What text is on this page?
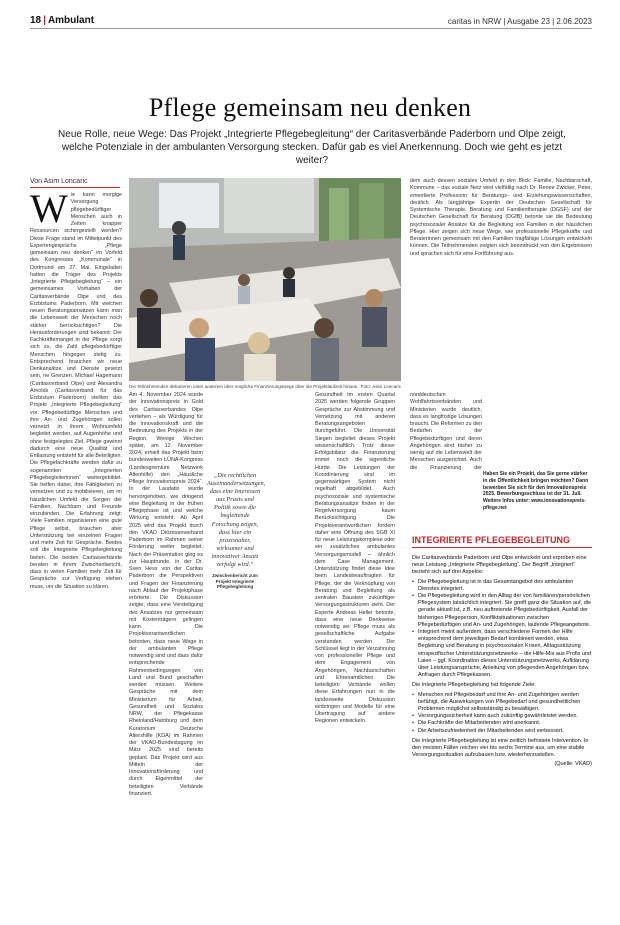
18 | Ambulant	caritas in NRW | Ausgabe 23 | 2.06.2023
Pflege gemeinsam neu denken
Neue Rolle, neue Wege: Das Projekt „Integrierte Pflegebegleitung“ der Caritasverbände Paderborn und Olpe zeigt, welche Potenziale in der ambulanten Versorgung stecken. Dafür gab es viel Anerkennung. Doch wie geht es jetzt weiter?
Von Asim Loncaric
W ie kann morgige Versorgung pflegebedürftiger Menschen auch in Zeiten knapper Ressourcen sichergestellt werden? Diese Frage stand im Mittelpunkt des Expertengesprächs „Pflege gemeinsam neu denken“ im Vorfeld des Kongresses „Kommunale“ in Dortmund am 27. Mai. Eingeladen hatten die Träger des Projekts „Integrierte Pflegebegleitung“ – ein gemeinsames Vorhaben der Caritasverbände Olpe und des Erzbistums Paderborn. Mit welchen neuen Beratungsansätzen kann man die Lebenswelt der Menschen noch stärker berücksichtigen? Die Herausforderungen sind bekannt: Der Fachkräftemangel in der Pflege sorgt sich zu, die Zahl pflegebedürftiger Menschen hingegen stetig zu. Entsprechend brauchen wir neue Denkansätze und Dienste gesetzt sein, ne Grenzen. Michael Hagemann (Caritasverband Olpe) und Alexandra Arnolds (Caritasverband für das Erzbistum Paderborn) stellten das Projekt „Integrierte Pflegebegleitung“ vor. Pflegebedürftige Menschen und ihre An- und Zugehörigen sollen vernetzt in ihrem Wohnumfeld begleitet werden, auf Augenhöhe und ohne festgelegtes Ziel. Pflege gewinnt dadurch eine neue Qualität und Entlastung entsteht für alle Beteiligten. Die Pflegefachkräfte werden dafür zu sogenannten „Integrierten Pflegebegleiterinnen“ weitergebildet. Sie helfen dabei, ihre Fähigkeiten zu vernetzen und zu mobilisieren, um im häuslichen Umfeld die Sorgen der Familien, Nachbarn und Freunde einzubinden. Die Erfahrung zeigt: Viele Familien organisieren eine gute Pflege selbst, brauchen aber Unterstützung bei einzelnen Fragen und mehr Zeit für Gespräche. Beides soll die Integrierte Pflegebegleitung bieten. Die beiden Caritasverbände beraten in ihrem Zwischenbericht, dass in vielen Familien mehr Zeit für Gespräche zur Verfügung stehen muss, um die Situation zu klären.
Die Teilnehmenden diskutieren unter anderem über mögliche Finanzierungswege über die Projektlaufzeit hinaus. Foto: Asim Loncaric
Am 4. November 2024 wurde der Innovationspreis in Gold des Caritasverbandes Olpe verliehen – als Würdigung für die Innovationskraft und die Bedeutung des Projekts in der Region. Wenige Wochen später, am 12. November 2024, erhielt das Projekt beim bundesweiten LÜNA-Kongress (Landesgremium Netzwerk Altenhilfe) den „Häusliche Pflege Innovationspreis 2024“. In der Laudatio wurde hervorgehoben, wie dringend eine Begleitung in der frühen Pflegephase ist und welche Wirkung entsteht. Ab April 2025 wird das Projekt durch den VKAD Diözesanverband Paderborn im Rahmen seiner Förderung weiter begleitet. Nach der Präsentation ging es zur Hauptrunde, in der Dr. Sven Hess von der Caritas Paderborn die Perspektiven und Fragen der Finanzierung nach Ablauf der Projektphase erörterte. Die Diskussion zeigte, dass eine Verstetigung des Ansatzes nur gemeinsam mit Kostenträgern gelingen kann. Die Projektverantwortlichen betonten, dass neue Wege in der ambulanten Pflege notwendig sind und dass dafür entsprechende Rahmenbedingungen von Land und Bund geschaffen werden müssen. Weitere Gespräche mit dem Ministerium für Arbeit, Gesundheit und Soziales NRW, der Pflegekasse Rheinland/Hamburg und dem Kuratorium Deutsche Altershilfe (KDA) im Rahmen der VKAD-Bundestagung im März 2025 sind bereits geplant. Das Projekt wird aus Mitteln der Innovationsförderung und durch Eigenmittel der beteiligten Verbände finanziert.
„Die rechtlichen Auseinandersetzungen, dass eine Interessen aus Praxis und Politik sowie die begleitende Forschung zeigen, dass hier ein praxisnaher, wirksamer und innovativer Ansatz verfolgt wird.“
Zwischenbericht zum Projekt Integrierte Pflegebegleitung
Gesundheit im ersten Quartal 2025 werden folgende Gruppen Gespräche zur Abstimmung und Vernetzung mit anderen Beratungsangeboten durchgeführt. Die Universität Siegen begleitet dieses Projekt wissenschaftlich. Trotz dieser Erfolgsbilanz die Finanzierung immer noch die eigentliche Hürde. Die Leistungen der Koordinierung sind im gegenwärtigen System nicht regelhaft abgebildet. Auch psychosoziale und systemische Beratungsansätze finden in der Regelversorgung kaum Berücksichtigung. Die Projektverantwortlichen fordern daher eine Öffnung des SGB XI für neue Leistungskomplexe oder ein zusätzliches ambulantes Versorgungsmodell – ähnlich dem Case Management. Unterstützung findet diese Idee beim Landesbeauftragten für Pflege, der die Verknüpfung von Beratung und Begleitung als zentralen Baustein zukünftiger Versorgungsstrukturen sieht. Der Experte Andreas Heller betonte, dass eine neue Denkweise notwendig sei: Pflege muss als gesellschaftliche Aufgabe verstanden werden. Der Schlüssel liegt in der Verzahnung von professioneller Pflege und dem Engagement von Angehörigen, Nachbarschaften und Ehrenamtlichen. Die beteiligten Verbände wollen diese Erfahrungen nun in die landesweite Diskussion einbringen und Modelle für eine Übertragung auf andere Regionen entwickeln.
norddeutschen Wohlfahrtsverbänden und Ministerien wurde deutlich, dass es langfristige Lösungen braucht. Die Reformen zu den Bedarfen der Pflegebedürftigen und deren Angehörigen sind bisher zu wenig auf die Lebenswelt der Menschen ausgerichtet. Auch die Finanzierung der
dem auch dessen soziales Umfeld in den Blick: Familie, Nachbarschaft, Kommune – das soziale Netz wird vielfältig nach Dr. Renee Zwicker, Peter, emeritierte Professorin für Beratungs- und Erziehungswissenschaften, deutlich. Als langjährige Expertin der Deutschen Gesellschaft für Systemische Therapie, Beratung und Familientherapie (DGSF) und der Deutschen Gesellschaft für Beratung (DGfB) betonte sie die Bedeutung psychosozialer Ansätze für die Begleitung von Familien in der häuslichen Pflege. Hier zeigen sich neue Wege, wie professionelle Pflegekräfte und Beraterinnen gemeinsam mit den Familien tragfähige Lösungen entwickeln können. Die Teilnehmenden zeigten sich beeindruckt von den Ergebnissen und sprachen sich für eine Fortführung aus.
Haben Sie ein Projekt, das Sie gerne stärker in die Öffentlichkeit bringen möchten? Dann bewerben Sie sich für den Innovationspreis 2025. Bewerbungsschluss ist der 31. Juli. Weitere Infos unter: www.innovationspreis-pflege.net
INTEGRIERTE PFLEGEBEGLEITUNG

Die Caritasverbände Paderborn und Olpe entwickeln und erproben eine neue Leistung „Integrierte Pflegebegleitung“. Der Begriff „Integriert“ bezieht sich auf drei Aspekte:

• Die Pflegebegleitung ist in das Gesamtangebot des ambulanten Dienstes integriert.
• Die Pflegebegleitung wird in den Alltag der von familiären/persönlichen Pflegesystem tatsächlich integriert. Sie greift ganz die Situation auf, die gerade aktuell ist, z.B. neu auftretende Pflegebedürftigkeit, Ausfall der bisherigen Pflegeperson, Konfliktsituationen zwischen Pflegebedürftigen und An- und Zugehörigen, laufende Pflegeangebote.
• Integriert meint außerdem, dass verschiedene Formen der Hilfe entsprechend dem jeweiligen Bedarf kombiniert werden, etwa Begleitung und Beratung in psychosozialen Krisen, Alltagsstützung einspezifischer Unterstützungsnetzwerke – die Hilfe-Mix aus Profis und Laien – ggf. Koordination dieses Unterstützungsnetzwerks, Aufklärung über Leistungsansprüche, Anleitung von pflegenden Angehörigen bzw. Anfragen durch Pflegekassen.

Die Integrierte Pflegebegleitung hat folgende Ziele:

• Menschen mit Pflegebedarf und ihre An- und Zugehörigen werden befähigt, die Auswirkungen von Pflegebedarf und gesundheitlichen Problemen möglichst selbstständig zu bewältigen.
• Versorgungssicherheit kann auch zukünftig gewährleistet werden.
• Die Fachkräfte der Mitarbeitenden wird anerkannt.
• Die Arbeitszufriedenheit der Mitarbeitenden wird verbessert.

Die Integrierte Pflegebegleitung ist eine zeitlich befristete Intervention. In den meisten Fällen reichen vier bis sechs Termine aus, um eine stabile Versorgungssituation aufzubauen bzw. wiederherzustellen.

(Quelle: VKAD)
